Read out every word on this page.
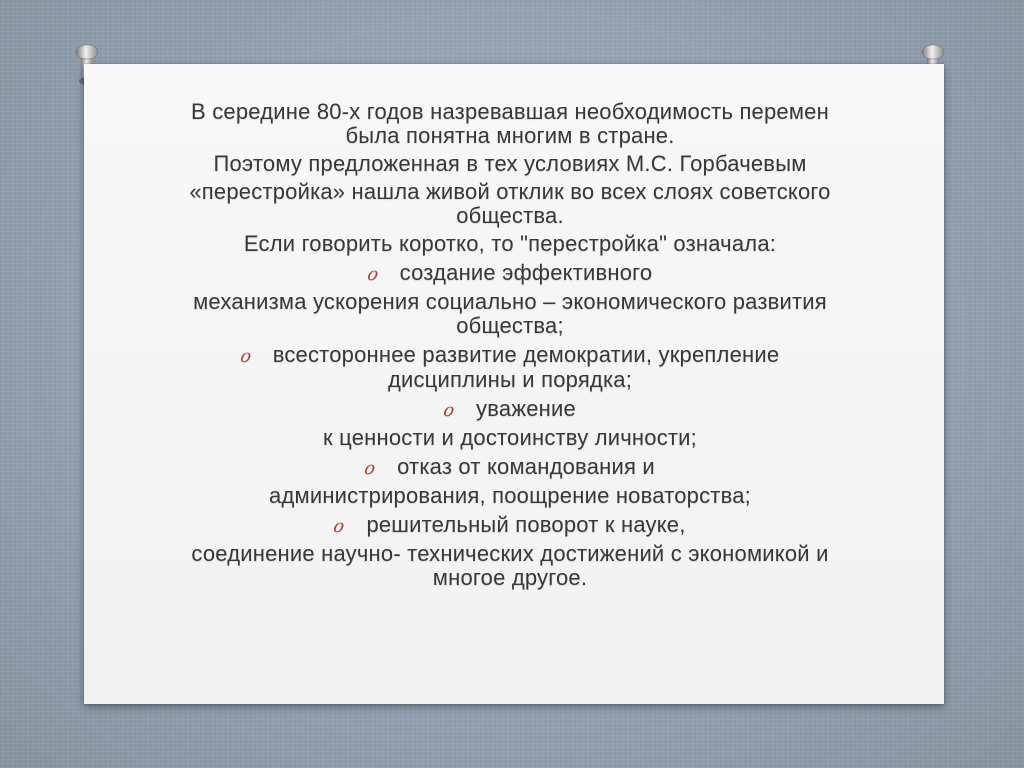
В середине 80-х годов назревавшая необходимость перемен

была понятна многим в стране.

Поэтому предложенная в тех условиях М.С. Горбачевым

«перестройка» нашла живой отклик во всех слоях советского

общества.

Если говорить коротко, то "перестройка" означала:

o создание эффективного

механизма ускорения социально – экономического развития

общества;

o всестороннее развитие демократии, укрепление

дисциплины и порядка;

o уважение

к ценности и достоинству личности;

o отказ от командования и

администрирования, поощрение новаторства;

o решительный поворот к науке,

соединение научно- технических достижений с экономикой и

многое другое.
